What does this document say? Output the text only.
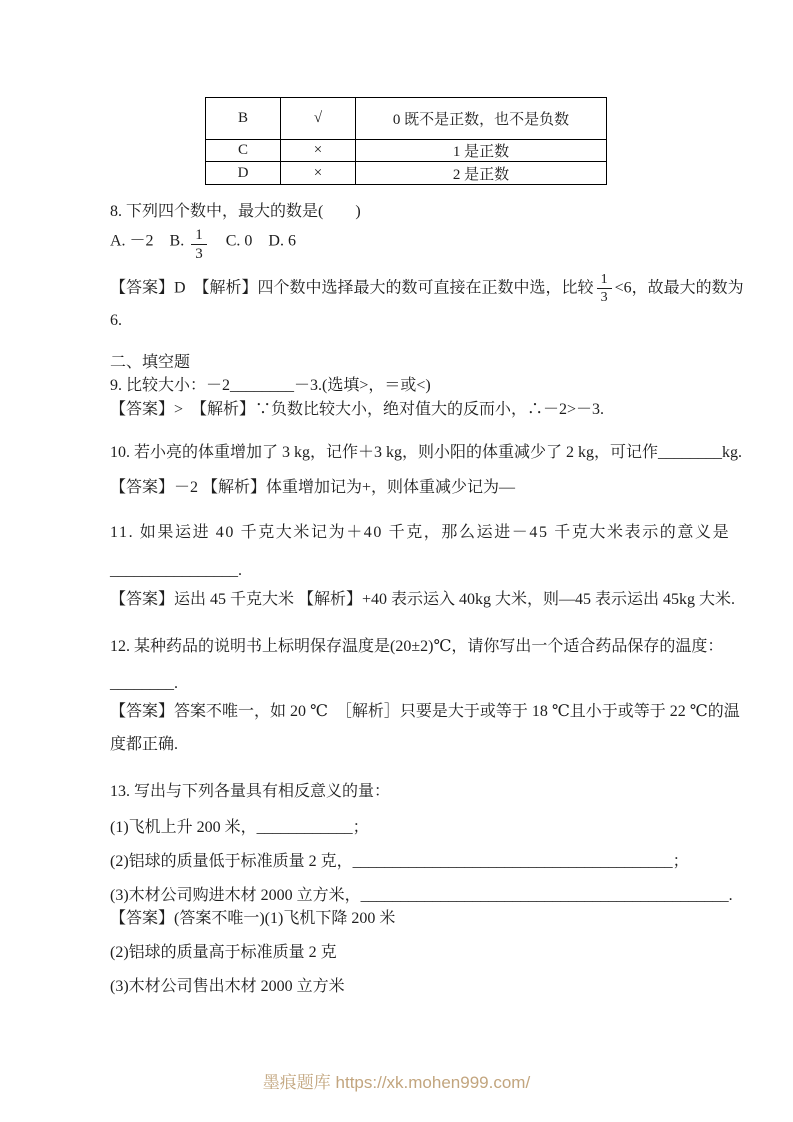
B	√	0 既不是正数，也不是负数
C	×	1 是正数
D	×	2 是正数
8. 下列四个数中，最大的数是(　　)
A. －2　B. $\frac{1}{3}$ 　C. 0　D. 6
【答案】D　【解析】四个数中选择最大的数可直接在正数中选，比较 $\frac{1}{3} <6$，故最大的数为
6.
二、填空题
9. 比较大小：－2________－3.(选填>，＝或<)
【答案】>　【解析】∵负数比较大小，绝对值大的反而小，∴－2>－3.
10. 若小亮的体重增加了 3 kg，记作＋3 kg，则小阳的体重减少了 2 kg，可记作________kg.
【答案】－2 【解析】体重增加记为+，则体重减少记为—
11. 如果运进 40 千克大米记为＋40 千克，那么运进－45 千克大米表示的意义是
________________.
【答案】运出 45 千克大米 【解析】+40 表示运入 40kg 大米，则—45 表示运出 45kg 大米.
12. 某种药品的说明书上标明保存温度是(20±2)℃，请你写出一个适合药品保存的温度：
________.
【答案】答案不唯一，如 20 ℃　［解析］只要是大于或等于 18 ℃且小于或等于 22 ℃的温
度都正确.
13. 写出与下列各量具有相反意义的量：
(1)飞机上升 200 米，____________；
(2)铝球的质量低于标准质量 2 克，________________________________________；
(3)木材公司购进木材 2000 立方米，______________________________________________.
【答案】(答案不唯一)(1)飞机下降 200 米
(2)铝球的质量高于标准质量 2 克
(3)木材公司售出木材 2000 立方米
墨痕题库 https://xk.mohen999.com/
